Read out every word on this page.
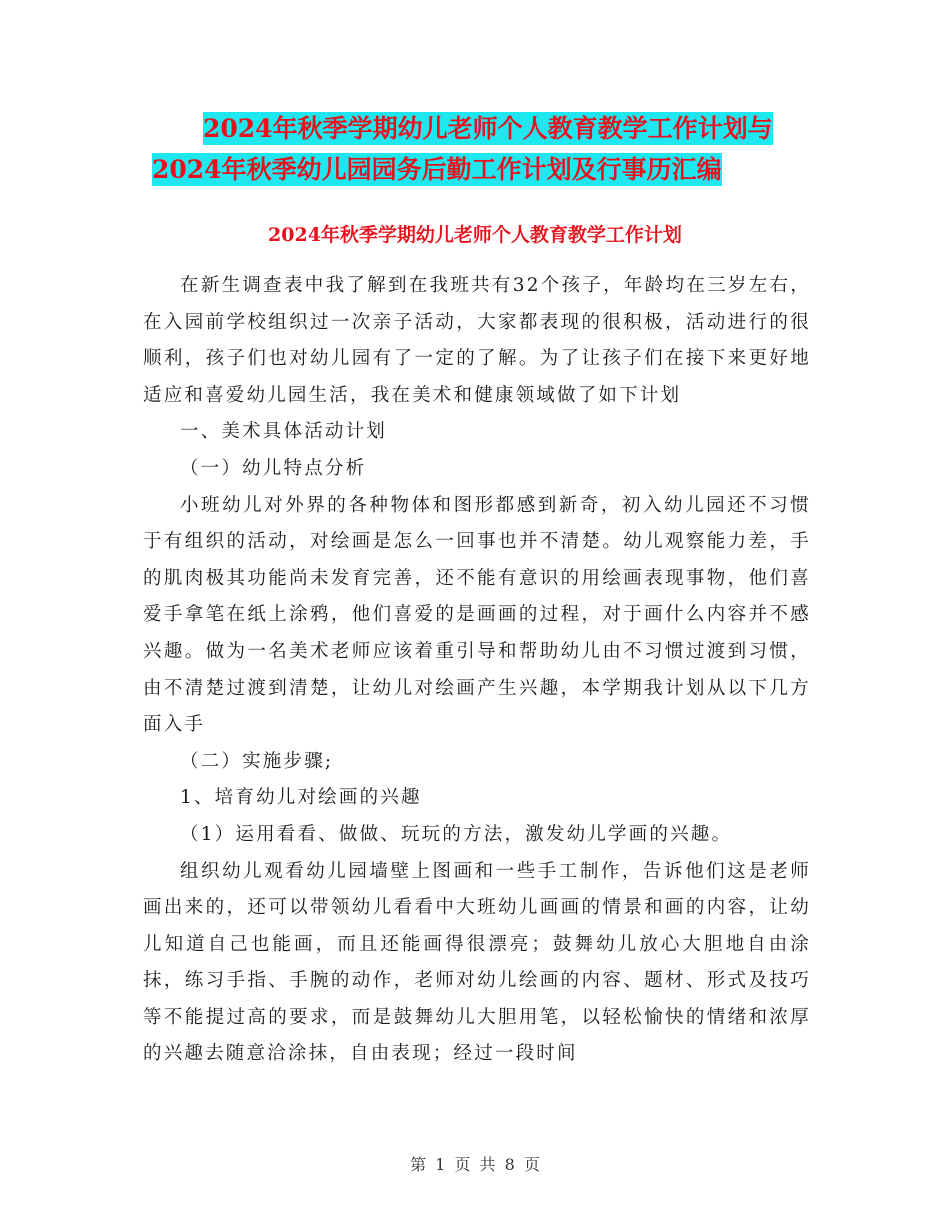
2024年秋季学期幼儿老师个人教育教学工作计划与
2024年秋季幼儿园园务后勤工作计划及行事历汇编
2024年秋季学期幼儿老师个人教育教学工作计划

在新生调查表中我了解到在我班共有32个孩子，年龄均在三岁左右，在入园前学校组织过一次亲子活动，大家都表现的很积极，活动进行的很顺利，孩子们也对幼儿园有了一定的了解。为了让孩子们在接下来更好地适应和喜爱幼儿园生活，我在美术和健康领域做了如下计划

一、美术具体活动计划

（一）幼儿特点分析

小班幼儿对外界的各种物体和图形都感到新奇，初入幼儿园还不习惯于有组织的活动，对绘画是怎么一回事也并不清楚。幼儿观察能力差，手的肌肉极其功能尚未发育完善，还不能有意识的用绘画表现事物，他们喜爱手拿笔在纸上涂鸦，他们喜爱的是画画的过程，对于画什么内容并不感兴趣。做为一名美术老师应该着重引导和帮助幼儿由不习惯过渡到习惯，由不清楚过渡到清楚，让幼儿对绘画产生兴趣，本学期我计划从以下几方面入手

（二）实施步骤;

1、培育幼儿对绘画的兴趣

（1）运用看看、做做、玩玩的方法，激发幼儿学画的兴趣。

组织幼儿观看幼儿园墙壁上图画和一些手工制作，告诉他们这是老师画出来的，还可以带领幼儿看看中大班幼儿画画的情景和画的内容，让幼儿知道自己也能画，而且还能画得很漂亮；鼓舞幼儿放心大胆地自由涂抹，练习手指、手腕的动作，老师对幼儿绘画的内容、题材、形式及技巧等不能提过高的要求，而是鼓舞幼儿大胆用笔，以轻松愉快的情绪和浓厚的兴趣去随意洽涂抹，自由表现；经过一段时间

第 1 页 共 8 页
